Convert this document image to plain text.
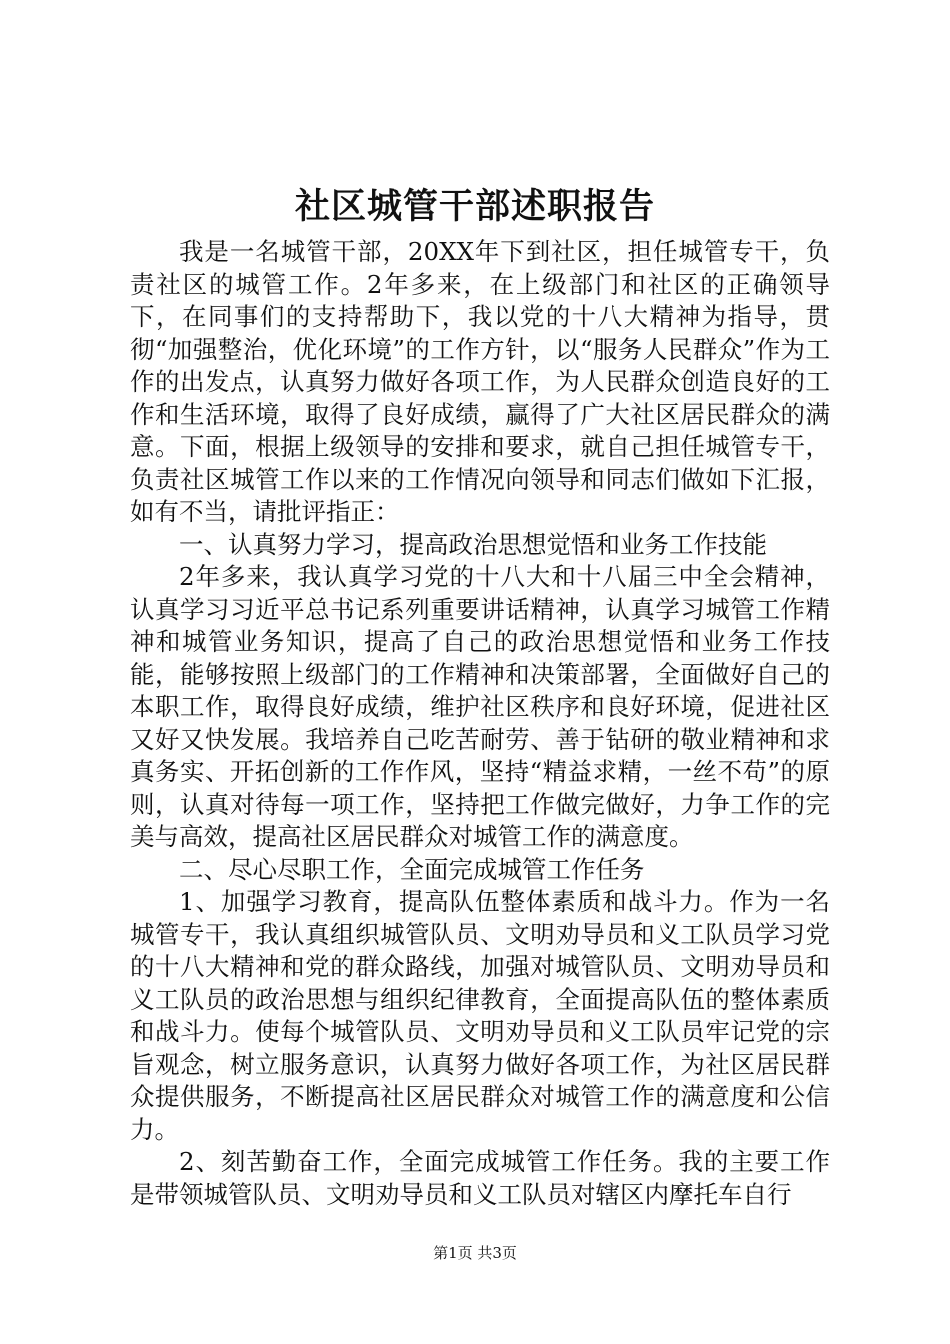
社区城管干部述职报告

我是一名城管干部，20XX年下到社区，担任城管专干，负责社区的城管工作。2年多来，在上级部门和社区的正确领导下，在同事们的支持帮助下，我以党的十八大精神为指导，贯彻“加强整治，优化环境”的工作方针，以“服务人民群众”作为工作的出发点，认真努力做好各项工作，为人民群众创造良好的工作和生活环境，取得了良好成绩，赢得了广大社区居民群众的满意。下面，根据上级领导的安排和要求，就自己担任城管专干，负责社区城管工作以来的工作情况向领导和同志们做如下汇报，如有不当，请批评指正：

一、认真努力学习，提高政治思想觉悟和业务工作技能

2年多来，我认真学习党的十八大和十八届三中全会精神，认真学习习近平总书记系列重要讲话精神，认真学习城管工作精神和城管业务知识，提高了自己的政治思想觉悟和业务工作技能，能够按照上级部门的工作精神和决策部署，全面做好自己的本职工作，取得良好成绩，维护社区秩序和良好环境，促进社区又好又快发展。我培养自己吃苦耐劳、善于钻研的敬业精神和求真务实、开拓创新的工作作风，坚持“精益求精，一丝不苟”的原则，认真对待每一项工作，坚持把工作做完做好，力争工作的完美与高效，提高社区居民群众对城管工作的满意度。

二、尽心尽职工作，全面完成城管工作任务

1、加强学习教育，提高队伍整体素质和战斗力。作为一名城管专干，我认真组织城管队员、文明劝导员和义工队员学习党的十八大精神和党的群众路线，加强对城管队员、文明劝导员和义工队员的政治思想与组织纪律教育，全面提高队伍的整体素质和战斗力。使每个城管队员、文明劝导员和义工队员牢记党的宗旨观念，树立服务意识，认真努力做好各项工作，为社区居民群众提供服务，不断提高社区居民群众对城管工作的满意度和公信力。

2、刻苦勤奋工作，全面完成城管工作任务。我的主要工作是带领城管队员、文明劝导员和义工队员对辖区内摩托车自行

第1页 共3页
